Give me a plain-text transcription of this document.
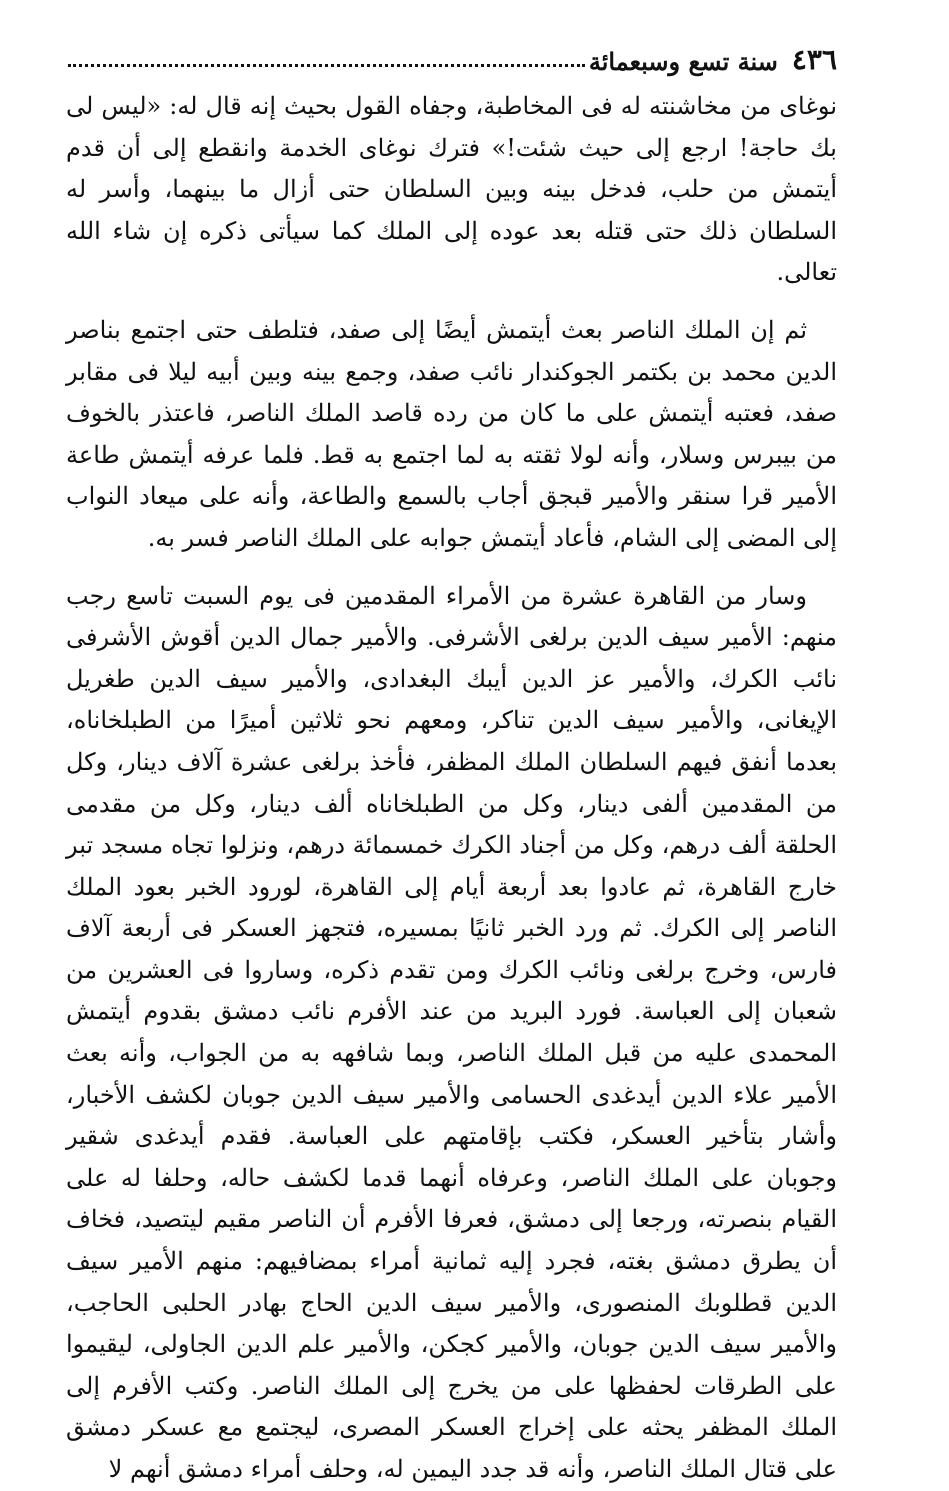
٤٣٦
سنة تسع وسبعمائة

نوغاى من مخاشنته له فى المخاطبة، وجفاه القول بحيث إنه قال له: «ليس لى بك حاجة! ارجع إلى حيث شئت!» فترك نوغاى الخدمة وانقطع إلى أن قدم أيتمش من حلب، فدخل بينه وبين السلطان حتى أزال ما بينهما، وأسر له السلطان ذلك حتى قتله بعد عوده إلى الملك كما سيأتى ذكره إن شاء الله تعالى.

ثم إن الملك الناصر بعث أيتمش أيضًا إلى صفد، فتلطف حتى اجتمع بناصر الدين محمد بن بكتمر الجوكندار نائب صفد، وجمع بينه وبين أبيه ليلا فى مقابر صفد، فعتبه أيتمش على ما كان من رده قاصد الملك الناصر، فاعتذر بالخوف من بيبرس وسلار، وأنه لولا ثقته به لما اجتمع به قط. فلما عرفه أيتمش طاعة الأمير قرا سنقر والأمير قبجق أجاب بالسمع والطاعة، وأنه على ميعاد النواب إلى المضى إلى الشام، فأعاد أيتمش جوابه على الملك الناصر فسر به.

وسار من القاهرة عشرة من الأمراء المقدمين فى يوم السبت تاسع رجب منهم: الأمير سيف الدين برلغى الأشرفى. والأمير جمال الدين أقوش الأشرفى نائب الكرك، والأمير عز الدين أيبك البغدادى، والأمير سيف الدين طغريل الإيغانى، والأمير سيف الدين تناكر، ومعهم نحو ثلاثين أميرًا من الطبلخاناه، بعدما أنفق فيهم السلطان الملك المظفر، فأخذ برلغى عشرة آلاف دينار، وكل من المقدمين ألفى دينار، وكل من الطبلخاناه ألف دينار، وكل من مقدمى الحلقة ألف درهم، وكل من أجناد الكرك خمسمائة درهم، ونزلوا تجاه مسجد تبر خارج القاهرة، ثم عادوا بعد أربعة أيام إلى القاهرة، لورود الخبر بعود الملك الناصر إلى الكرك. ثم ورد الخبر ثانيًا بمسيره، فتجهز العسكر فى أربعة آلاف فارس، وخرج برلغى ونائب الكرك ومن تقدم ذكره، وساروا فى العشرين من شعبان إلى العباسة. فورد البريد من عند الأفرم نائب دمشق بقدوم أيتمش المحمدى عليه من قبل الملك الناصر، وبما شافهه به من الجواب، وأنه بعث الأمير علاء الدين أيدغدى الحسامى والأمير سيف الدين جوبان لكشف الأخبار، وأشار بتأخير العسكر، فكتب بإقامتهم على العباسة. فقدم أيدغدى شقير وجوبان على الملك الناصر، وعرفاه أنهما قدما لكشف حاله، وحلفا له على القيام بنصرته، ورجعا إلى دمشق، فعرفا الأفرم أن الناصر مقيم ليتصيد، فخاف أن يطرق دمشق بغته، فجرد إليه ثمانية أمراء بمضافيهم: منهم الأمير سيف الدين قطلوبك المنصورى، والأمير سيف الدين الحاج بهادر الحلبى الحاجب، والأمير سيف الدين جوبان، والأمير كجكن، والأمير علم الدين الجاولى، ليقيموا على الطرقات لحفظها على من يخرج إلى الملك الناصر. وكتب الأفرم إلى الملك المظفر يحثه على إخراج العسكر المصرى، ليجتمع مع عسكر دمشق على قتال الملك الناصر، وأنه قد جدد اليمين له، وحلف أمراء دمشق أنهم لا
